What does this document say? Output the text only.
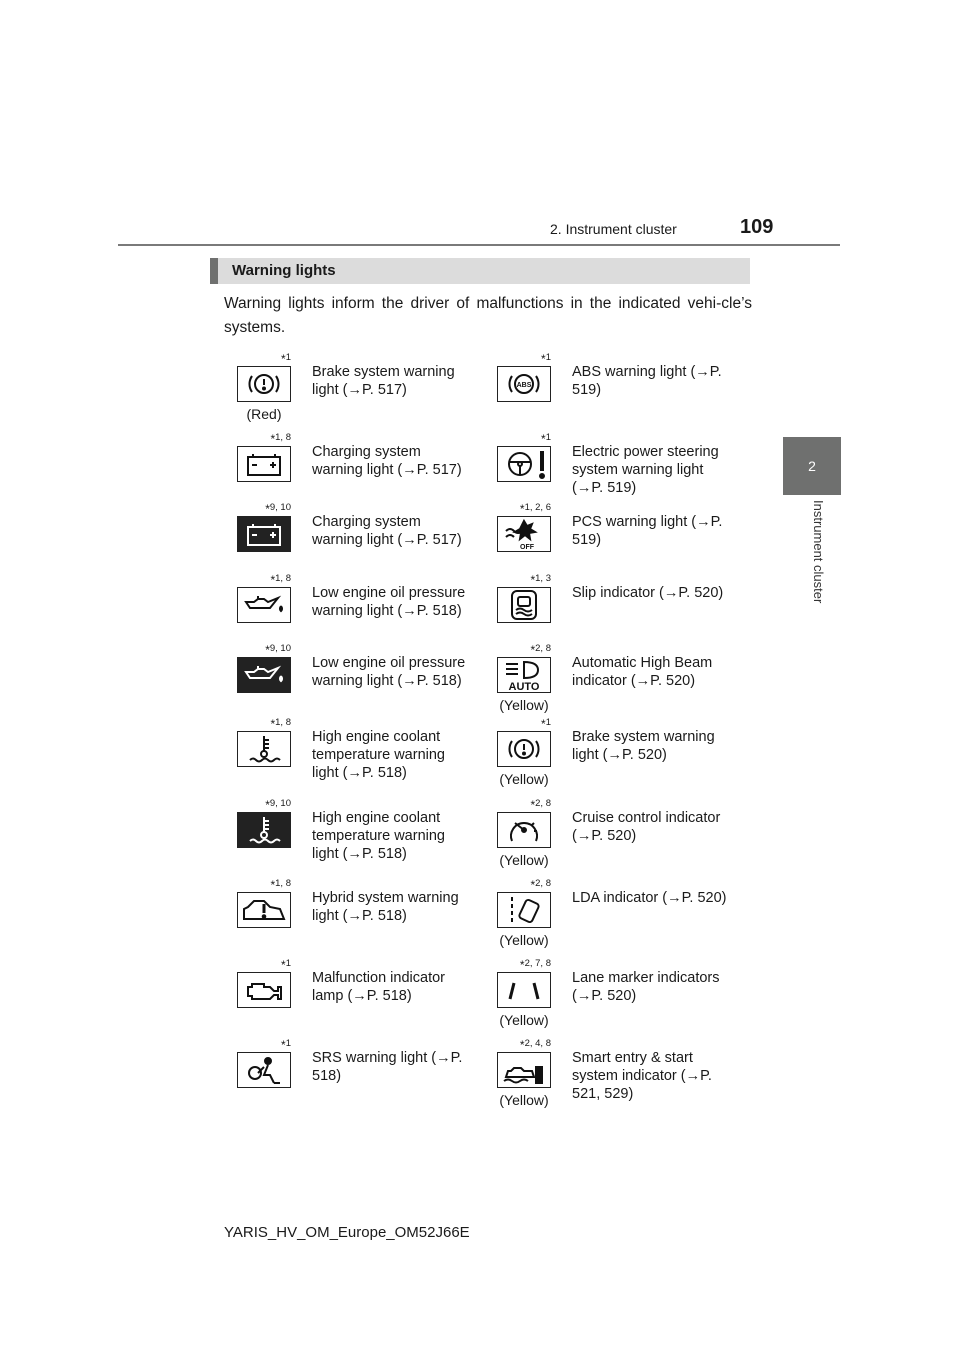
2. Instrument cluster	109
2
Instrument cluster
Warning lights
Warning lights inform the driver of malfunctions in the indicated vehi-cle’s systems.
*$^1$
(Red)
Brake system warning light (→P. 517)
*$^1$
ABS
ABS warning light (→P. 519)
*$^{1, 8}$
Charging system warning light (→P. 517)
*$^1$
Electric power steering system warning light (→P. 519)
*$^{9, 10}$
Charging system warning light (→P. 517)
*$^{1, 2, 6}$
OFF
PCS warning light (→P. 519)
*$^{1, 8}$
Low engine oil pressure warning light (→P. 518)
*$^{1, 3}$
Slip indicator (→P. 520)
*$^{9, 10}$
Low engine oil pressure warning light (→P. 518)
*$^{2, 8}$
AUTO
(Yellow)
Automatic High Beam indicator (→P. 520)
*$^{1, 8}$
High engine coolant temperature warning light (→P. 518)
*$^1$
(Yellow)
Brake system warning light (→P. 520)
*$^{9, 10}$
High engine coolant temperature warning light (→P. 518)
*$^{2, 8}$
(Yellow)
Cruise control indicator (→P. 520)
*$^{1, 8}$
Hybrid system warning light (→P. 518)
*$^{2, 8}$
(Yellow)
LDA indicator (→P. 520)
*$^1$
Malfunction indicator lamp (→P. 518)
*$^{2, 7, 8}$
(Yellow)
Lane marker indicators (→P. 520)
*$^1$
SRS warning light (→P. 518)
*$^{2, 4, 8}$
(Yellow)
Smart entry & start system indicator (→P. 521, 529)
YARIS_HV_OM_Europe_OM52J66E
